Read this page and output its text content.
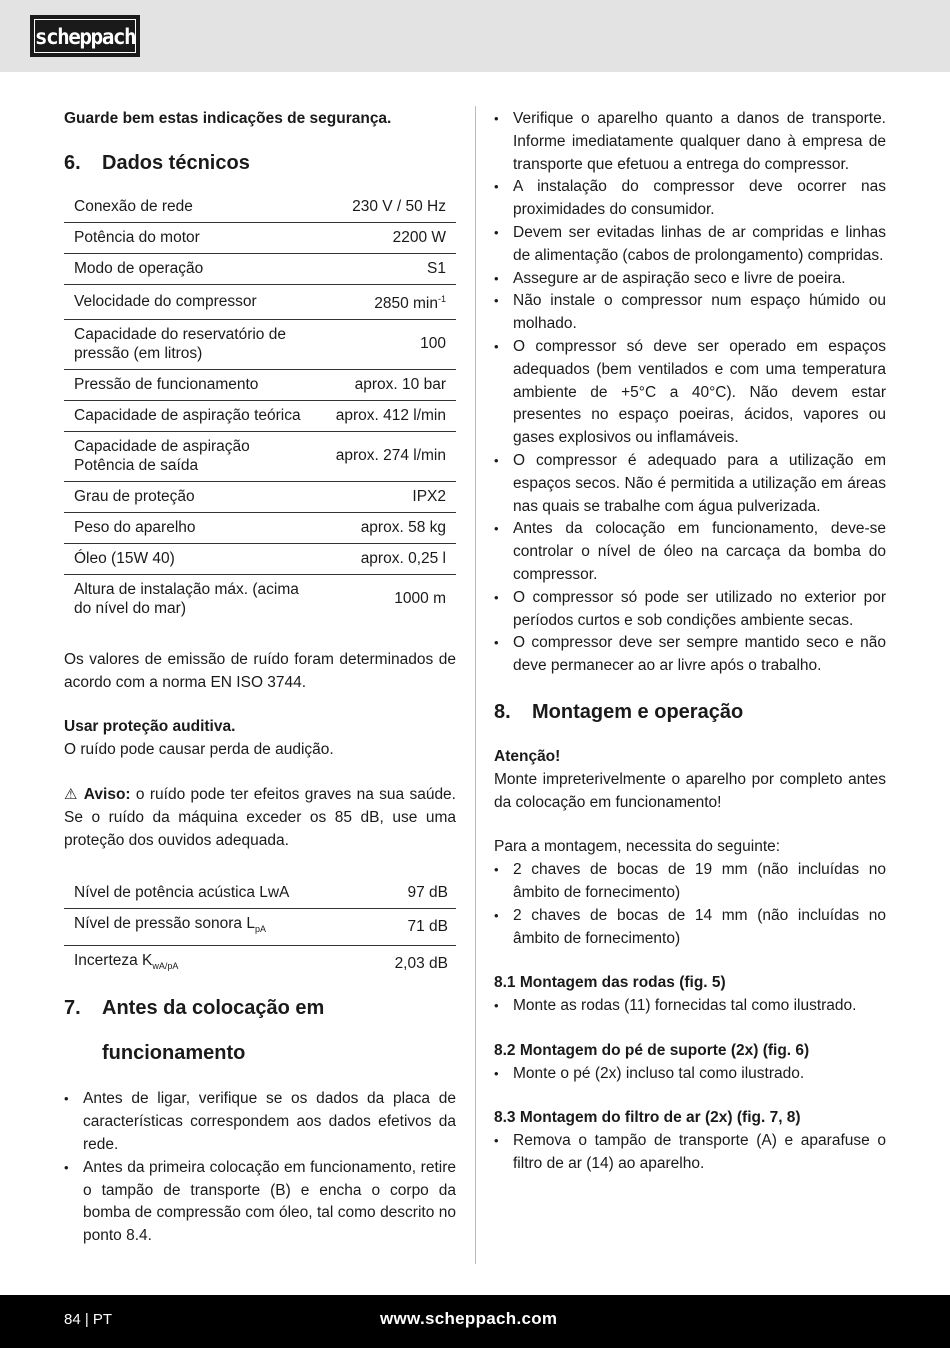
scheppach

Guarde bem estas indicações de segurança.

6.	Dados técnicos
Conexão de rede	230 V / 50 Hz
Potência do motor	2200 W
Modo de operação	S1
Velocidade do compressor	2850 $\min^{-1}$
Capacidade do reservatório de pressão (em litros)	100
Pressão de funcionamento	aprox. 10 bar
Capacidade de aspiração teórica	aprox. 412 l/min
Capacidade de aspiração Potência de saída	aprox. 274 l/min
Grau de proteção	IPX2
Peso do aparelho	aprox. 58 kg
Óleo (15W 40)	aprox. 0,25 l
Altura de instalação máx. (acima do nível do mar)	1000 m

Os valores de emissão de ruído foram determinados de acordo com a norma EN ISO 3744.

Usar proteção auditiva.

O ruído pode causar perda de audição.

⚠ Aviso: o ruído pode ter efeitos graves na sua saúde. Se o ruído da máquina exceder os 85 dB, use uma proteção dos ouvidos adequada.

Nível de potência acústica LwA	97 dB
Nível de pressão sonora $L_{pA}$	71 dB
Incerteza $K_{wA/pA}$	2,03 dB
7.	Antes da colocação em
funcionamento
• Antes de ligar, verifique se os dados da placa de características correspondem aos dados efetivos da rede.
• Antes da primeira colocação em funcionamento, retire o tampão de transporte (B) e encha o corpo da bomba de compressão com óleo, tal como descrito no ponto 8.4.
• Verifique o aparelho quanto a danos de transporte. Informe imediatamente qualquer dano à empresa de transporte que efetuou a entrega do compressor.
• A instalação do compressor deve ocorrer nas proximidades do consumidor.
• Devem ser evitadas linhas de ar compridas e linhas de alimentação (cabos de prolongamento) compridas.
• Assegure ar de aspiração seco e livre de poeira.
• Não instale o compressor num espaço húmido ou molhado.
• O compressor só deve ser operado em espaços adequados (bem ventilados e com uma temperatura ambiente de +5°C a 40°C). Não devem estar presentes no espaço poeiras, ácidos, vapores ou gases explosivos ou inflamáveis.
• O compressor é adequado para a utilização em espaços secos. Não é permitida a utilização em áreas nas quais se trabalhe com água pulverizada.
• Antes da colocação em funcionamento, deve-se controlar o nível de óleo na carcaça da bomba do compressor.
• O compressor só pode ser utilizado no exterior por períodos curtos e sob condições ambiente secas.
• O compressor deve ser sempre mantido seco e não deve permanecer ao ar livre após o trabalho.
8.	Montagem e operação

Atenção!

Monte impreterivelmente o aparelho por completo antes da colocação em funcionamento!

Para a montagem, necessita do seguinte:

• 2 chaves de bocas de 19 mm (não incluídas no âmbito de fornecimento)
• 2 chaves de bocas de 14 mm (não incluídas no âmbito de fornecimento)
8.1 Montagem das rodas (fig. 5)
• Monte as rodas (11) fornecidas tal como ilustrado.
8.2 Montagem do pé de suporte (2x) (fig. 6)
• Monte o pé (2x) incluso tal como ilustrado.
8.3 Montagem do filtro de ar (2x) (fig. 7, 8)
• Remova o tampão de transporte (A) e aparafuse o filtro de ar (14) ao aparelho.
84 | PT	www.scheppach.com
